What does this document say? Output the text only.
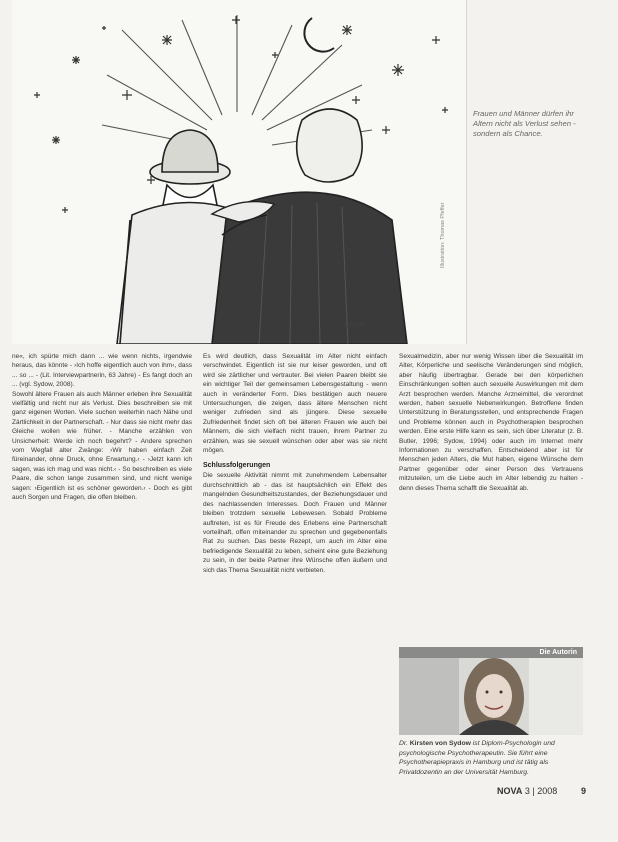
NOVA
Frauen und Männer dürfen ihr Altern nicht als Verlust sehen - sondern als Chance.
Illustration: Thomas Pfeffer

ne«, ich spürte mich dann ... wie wenn nichts, irgendwie heraus, das könnte - ›Ich hoffe eigentlich auch von ihm‹, dass ... so ... - (Lit. Interviewpartnerin, 63 Jahre) - Es fangt doch an ... (vgl. Sydow, 2008).

Sowohl ältere Frauen als auch Männer erleben ihre Sexualität vielfältig und nicht nur als Verlust. Dies beschreiben sie mit ganz eigenen Worten. Viele suchen weiterhin nach Nähe und Zärtlichkeit in der Partnerschaft. - Nur dass sie nicht mehr das Gleiche wollen wie früher. - Manche erzählen von Unsicherheit: Werde ich noch begehrt? - Andere sprechen vom Wegfall alter Zwänge: ›Wir haben einfach Zeit füreinander, ohne Druck, ohne Erwartung.‹ - ›Jetzt kann ich sagen, was ich mag und was nicht.‹ - So beschreiben es viele Paare, die schon lange zusammen sind, und nicht wenige sagen: ›Eigentlich ist es schöner geworden.‹ - Doch es gibt auch Sorgen und Fragen, die offen bleiben.

Es wird deutlich, dass Sexualität im Alter nicht einfach verschwindet. Eigentlich ist sie nur leiser geworden, und oft wird sie zärtlicher und vertrauter. Bei vielen Paaren bleibt sie ein wichtiger Teil der gemeinsamen Lebensgestaltung - wenn auch in veränderter Form. Dies bestätigen auch neuere Untersuchungen, die zeigen, dass ältere Menschen nicht weniger zufrieden sind als jüngere. Diese sexuelle Zufriedenheit findet sich oft bei älteren Frauen wie auch bei Männern, die sich vielfach nicht trauen, ihrem Partner zu erzählen, was sie sexuell wünschen oder aber was sie nicht mögen.

Schlussfolgerungen

Die sexuelle Aktivität nimmt mit zunehmendem Lebensalter durchschnittlich ab - das ist hauptsächlich ein Effekt des mangelnden Gesundheitszustandes, der Beziehungsdauer und des nachlassenden Interesses. Doch Frauen und Männer bleiben trotzdem sexuelle Lebewesen. Sobald Probleme auftreten, ist es für Freude des Erlebens eine Partnerschaft vorteilhaft, offen miteinander zu sprechen und gegebenenfalls Rat zu suchen. Das beste Rezept, um auch im Alter eine befriedigende Sexualität zu leben, scheint eine gute Beziehung zu sein, in der beide Partner ihre Wünsche offen äußern und sich das Thema Sexualität nicht verbieten.

Sexualmedizin, aber nur wenig Wissen über die Sexualität im Alter, Körperliche und seelische Veränderungen sind möglich, aber häufig übertragbar. Gerade bei den körperlichen Einschränkungen sollten auch sexuelle Auswirkungen mit dem Arzt besprochen werden. Manche Arzneimittel, die verordnet werden, haben sexuelle Nebenwirkungen. Betroffene finden Unterstützung in Beratungsstellen, und entsprechende Fragen und Probleme können auch in Psychotherapien besprochen werden. Eine erste Hilfe kann es sein, sich über Literatur (z. B. Butler, 1996; Sydow, 1994) oder auch im Internet mehr Informationen zu verschaffen. Entscheidend aber ist für Menschen jeden Alters, die Mut haben, eigene Wünsche dem Partner gegenüber oder einer Person des Vertrauens mitzuteilen, um die Liebe auch im Alter lebendig zu halten - denn dieses Thema schafft die Sexualität ab.

Die Autorin
Dr. Kirsten von Sydow ist Diplom-Psychologin und psychologische Psychotherapeutin. Sie führt eine Psychotherapiepraxis in Hamburg und ist tätig als Privatdozentin an der Universität Hamburg.
NOVA 3 | 2008	9
